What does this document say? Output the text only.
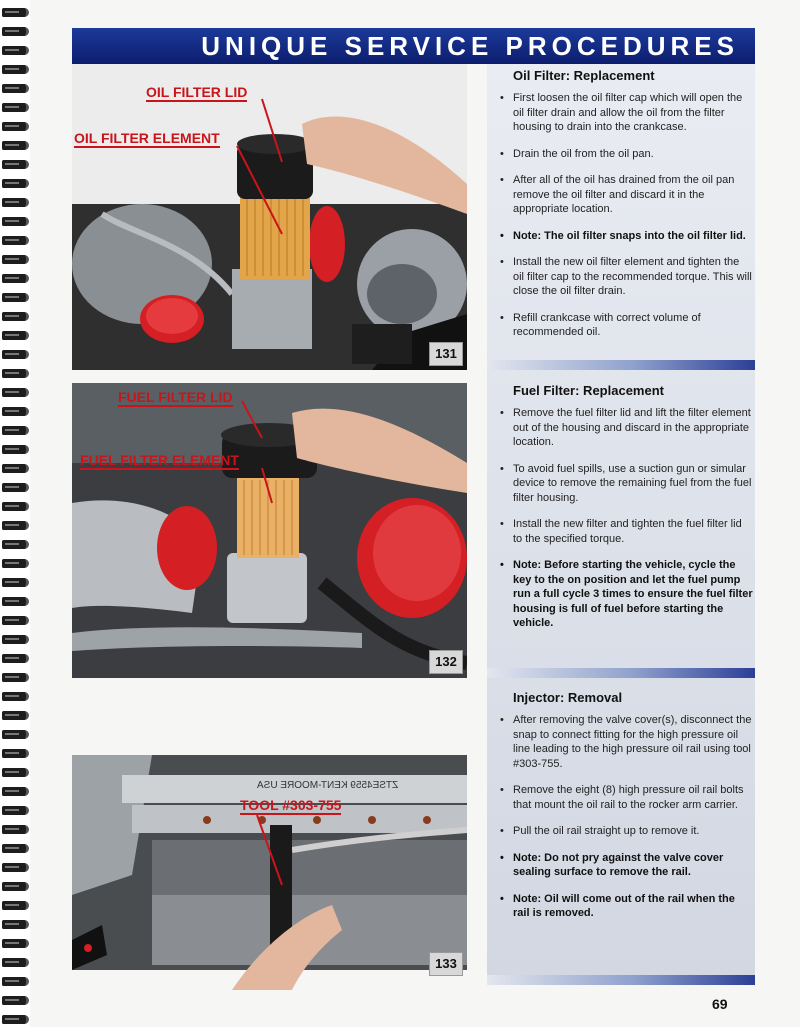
UNIQUE SERVICE PROCEDURES
Oil Filter: Replacement
• First loosen the oil filter cap which will open the oil filter drain and allow the oil from the filter housing to drain into the crankcase.
• Drain the oil from the oil pan.
• After all of the oil has drained from the oil pan remove the oil filter and discard it in the appropriate location.
• Note: The oil filter snaps into the oil filter lid.
• Install the new oil filter element and tighten the oil filter cap to the recommended torque. This will close the oil filter drain.
• Refill crankcase with correct volume of recommended oil.
Fuel Filter: Replacement
• Remove the fuel filter lid and lift the filter element out of the housing and discard in the appropriate location.
• To avoid fuel spills, use a suction gun or simular device to remove the remaining fuel from the fuel filter housing.
• Install the new filter and tighten the fuel filter lid to the specified torque.
• Note: Before starting the vehicle, cycle the key to the on position and let the fuel pump run a full cycle 3 times to ensure the fuel filter housing is full of fuel before starting the vehicle.
Injector: Removal
• After removing the valve cover(s), disconnect the snap to connect fitting for the high pressure oil line leading to the high pressure oil rail using tool #303-755.
• Remove the eight (8) high pressure oil rail bolts that mount the oil rail to the rocker arm carrier.
• Pull the oil rail straight up to remove it.
• Note: Do not pry against the valve cover sealing surface to remove the rail.
• Note: Oil will come out of the rail when the rail is removed.
131
OIL FILTER LID
OIL FILTER ELEMENT
132
FUEL FILTER LID
FUEL FILTER ELEMENT
ZTSE4559 KENT-MOORE USA
133
TOOL #303-755
69
